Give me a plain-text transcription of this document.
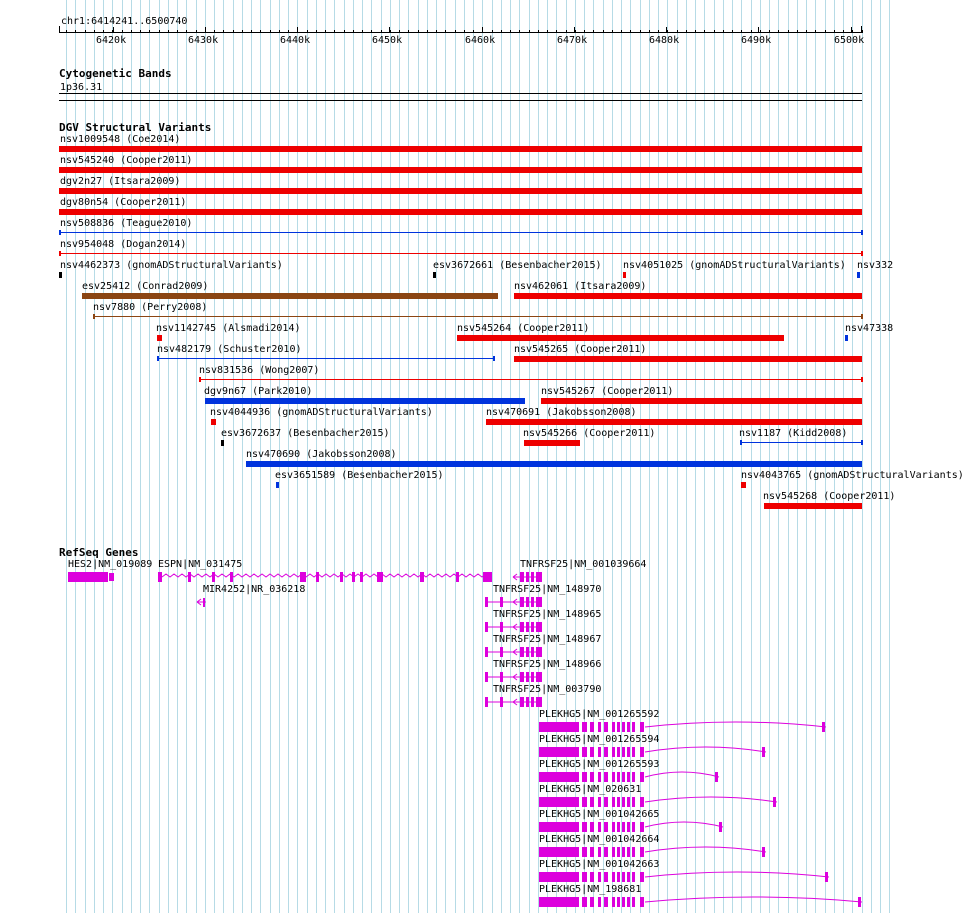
chr1:6414241..6500740
6420k	6430k	6440k	6450k	6460k	6470k	6480k	6490k	6500k
Cytogenetic Bands
1p36.31
DGV Structural Variants
nsv1009548 (Coe2014)
nsv545240 (Cooper2011)
dgv2n27 (Itsara2009)
dgv80n54 (Cooper2011)
nsv508836 (Teague2010)
nsv954048 (Dogan2014)
nsv4462373 (gnomADStructuralVariants)	esv3672661 (Besenbacher2015) nsv4051025 (gnomADStructuralVariants) nsv332
esv25412 (Conrad2009)	nsv462061 (Itsara2009)
nsv7880 (Perry2008)
nsv1142745 (Alsmadi2014)	nsv545264 (Cooper2011)	nsv47338
nsv482179 (Schuster2010)	nsv545265 (Cooper2011)
nsv831536 (Wong2007)
dgv9n67 (Park2010)	nsv545267 (Cooper2011)
nsv4044936 (gnomADStructuralVariants)	nsv470691 (Jakobsson2008)
esv3672637 (Besenbacher2015)	nsv545266 (Cooper2011)	nsv1187 (Kidd2008)
nsv470690 (Jakobsson2008)
esv3651589 (Besenbacher2015)	nsv4043765 (gnomADStructuralVariants)
nsv545268 (Cooper2011)
RefSeq Genes
HES2|NM_019089 ESPN|NM_031475	TNFRSF25|NM_001039664
MIR4252|NR_036218	TNFRSF25|NM_148970
TNFRSF25|NM_148965
TNFRSF25|NM_148967
TNFRSF25|NM_148966
TNFRSF25|NM_003790
PLEKHG5|NM_001265592
PLEKHG5|NM_001265594
PLEKHG5|NM_001265593
PLEKHG5|NM_020631
PLEKHG5|NM_001042665
PLEKHG5|NM_001042664
PLEKHG5|NM_001042663
PLEKHG5|NM_198681
